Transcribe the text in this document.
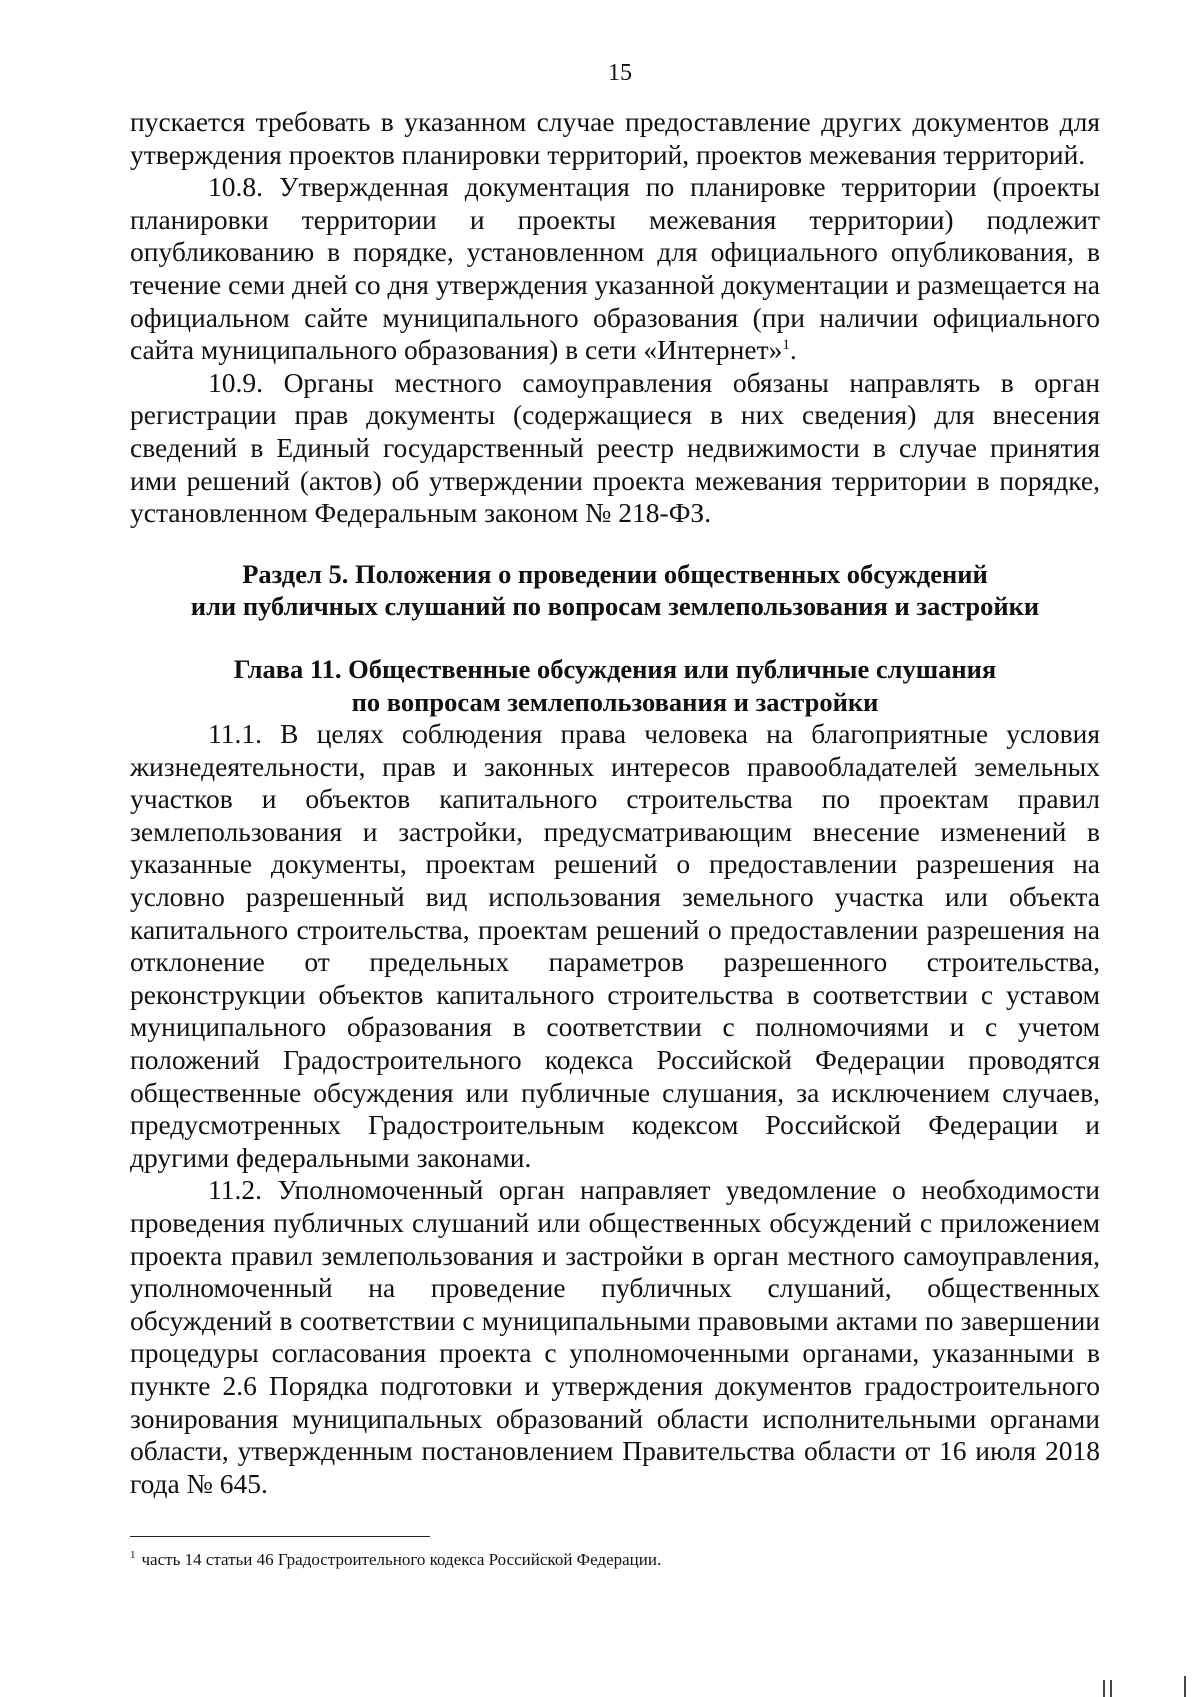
15

пускается требовать в указанном случае предоставление других документов для утверждения проектов планировки территорий, проектов межевания территорий.

10.8. Утвержденная документация по планировке территории (проекты планировки территории и проекты межевания территории) подлежит опубликованию в порядке, установленном для официального опубликования, в течение семи дней со дня утверждения указанной документации и размещается на официальном сайте муниципального образования (при наличии официального сайта муниципального образования) в сети «Интернет»$^1$.

10.9. Органы местного самоуправления обязаны направлять в орган регистрации прав документы (содержащиеся в них сведения) для внесения сведений в Единый государственный реестр недвижимости в случае принятия ими решений (актов) об утверждении проекта межевания территории в порядке, установленном Федеральным законом № 218-ФЗ.

Раздел 5. Положения о проведении общественных обсуждений
или публичных слушаний по вопросам землепользования и застройки
Глава 11. Общественные обсуждения или публичные слушания
по вопросам землепользования и застройки

11.1. В целях соблюдения права человека на благоприятные условия жизнедеятельности, прав и законных интересов правообладателей земельных участков и объектов капитального строительства по проектам правил землепользования и застройки, предусматривающим внесение изменений в указанные документы, проектам решений о предоставлении разрешения на условно разрешенный вид использования земельного участка или объекта капитального строительства, проектам решений о предоставлении разрешения на отклонение от предельных параметров разрешенного строительства, реконструкции объектов капитального строительства в соответствии с уставом муниципального образования в соответствии с полномочиями и с учетом положений Градостроительного кодекса Российской Федерации проводятся общественные обсуждения или публичные слушания, за исключением случаев, предусмотренных Градостроительным кодексом Российской Федерации и другими федеральными законами.

11.2. Уполномоченный орган направляет уведомление о необходимости проведения публичных слушаний или общественных обсуждений с приложением проекта правил землепользования и застройки в орган местного самоуправления, уполномоченный на проведение публичных слушаний, общественных обсуждений в соответствии с муниципальными правовыми актами по завершении процедуры согласования проекта с уполномоченными органами, указанными в пункте 2.6 Порядка подготовки и утверждения документов градостроительного зонирования муниципальных образований области исполнительными органами области, утвержденным постановлением Правительства области от 16 июля 2018 года № 645.

$^1$ часть 14 статьи 46 Градостроительного кодекса Российской Федерации.
